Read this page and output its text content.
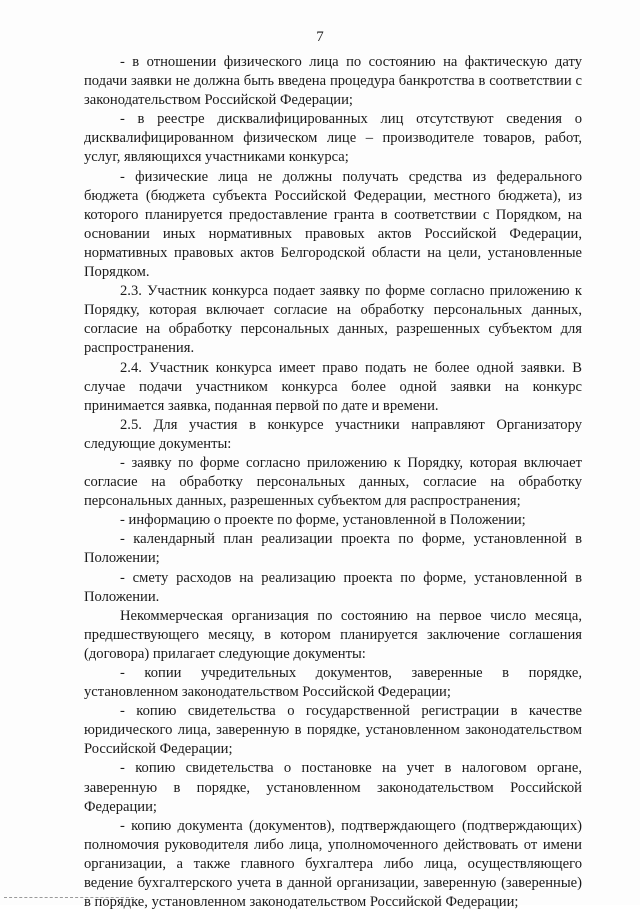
7

- в отношении физического лица по состоянию на фактическую дату подачи заявки не должна быть введена процедура банкротства в соответствии с законодательством Российской Федерации;

- в реестре дисквалифицированных лиц отсутствуют сведения о дисквалифицированном физическом лице – производителе товаров, работ, услуг, являющихся участниками конкурса;

- физические лица не должны получать средства из федерального бюджета (бюджета субъекта Российской Федерации, местного бюджета), из которого планируется предоставление гранта в соответствии с Порядком, на основании иных нормативных правовых актов Российской Федерации, нормативных правовых актов Белгородской области на цели, установленные Порядком.

2.3. Участник конкурса подает заявку по форме согласно приложению к Порядку, которая включает согласие на обработку персональных данных, согласие на обработку персональных данных, разрешенных субъектом для распространения.

2.4. Участник конкурса имеет право подать не более одной заявки. В случае подачи участником конкурса более одной заявки на конкурс принимается заявка, поданная первой по дате и времени.

2.5. Для участия в конкурсе участники направляют Организатору следующие документы:

- заявку по форме согласно приложению к Порядку, которая включает согласие на обработку персональных данных, согласие на обработку персональных данных, разрешенных субъектом для распространения;

- информацию о проекте по форме, установленной в Положении;

- календарный план реализации проекта по форме, установленной в Положении;

- смету расходов на реализацию проекта по форме, установленной в Положении.

Некоммерческая организация по состоянию на первое число месяца, предшествующего месяцу, в котором планируется заключение соглашения (договора) прилагает следующие документы:

- копии учредительных документов, заверенные в порядке, установленном законодательством Российской Федерации;

- копию свидетельства о государственной регистрации в качестве юридического лица, заверенную в порядке, установленном законодательством Российской Федерации;

- копию свидетельства о постановке на учет в налоговом органе, заверенную в порядке, установленном законодательством Российской Федерации;

- копию документа (документов), подтверждающего (подтверждающих) полномочия руководителя либо лица, уполномоченного действовать от имени организации, а также главного бухгалтера либо лица, осуществляющего ведение бухгалтерского учета в данной организации, заверенную (заверенные) в порядке, установленном законодательством Российской Федерации;
